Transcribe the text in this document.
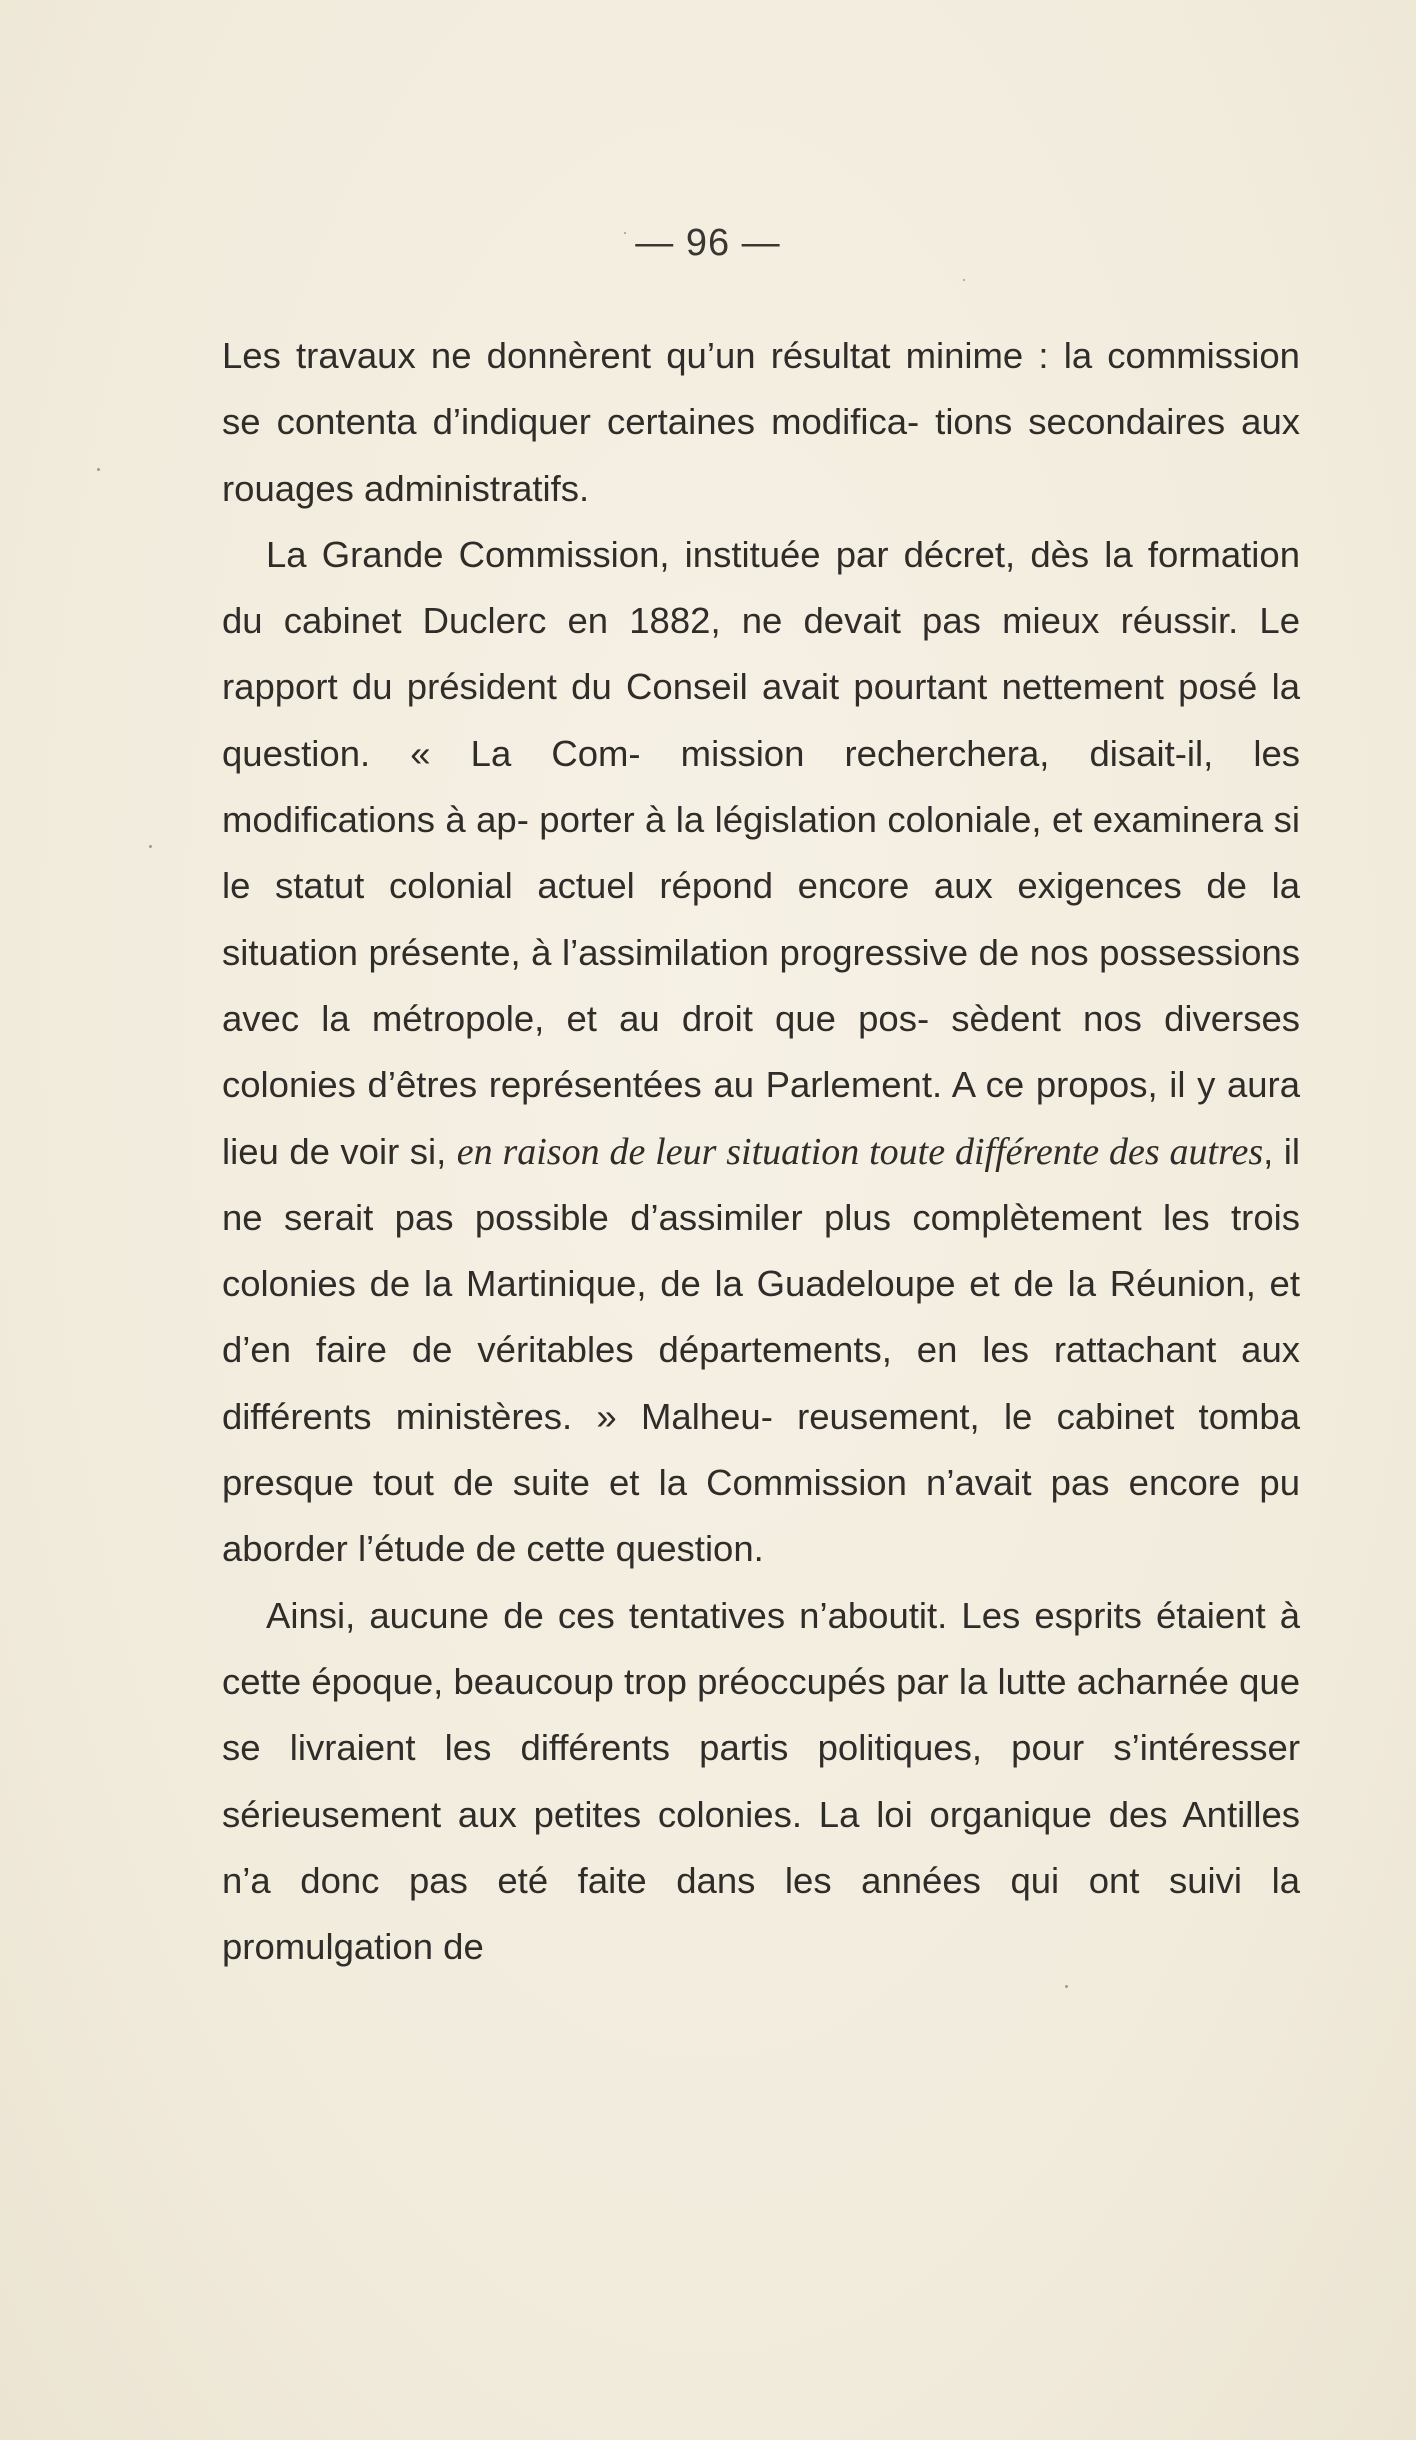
— 96 —

Les travaux ne donnèrent qu’un résultat minime : la commission se contenta d’indiquer certaines modifica- tions secondaires aux rouages administratifs.

La Grande Commission, instituée par décret, dès la formation du cabinet Duclerc en 1882, ne devait pas mieux réussir. Le rapport du président du Conseil avait pourtant nettement posé la question. « La Com- mission recherchera, disait-il, les modifications à ap- porter à la législation coloniale, et examinera si le statut colonial actuel répond encore aux exigences de la situation présente, à l’assimilation progressive de nos possessions avec la métropole, et au droit que pos- sèdent nos diverses colonies d’êtres représentées au Parlement. A ce propos, il y aura lieu de voir si, en raison de leur situation toute différente des autres, il ne serait pas possible d’assimiler plus complètement les trois colonies de la Martinique, de la Guadeloupe et de la Réunion, et d’en faire de véritables départements, en les rattachant aux différents ministères. » Malheu- reusement, le cabinet tomba presque tout de suite et la Commission n’avait pas encore pu aborder l’étude de cette question.

Ainsi, aucune de ces tentatives n’aboutit. Les esprits étaient à cette époque, beaucoup trop préoccupés par la lutte acharnée que se livraient les différents partis politiques, pour s’intéresser sérieusement aux petites colonies. La loi organique des Antilles n’a donc pas eté faite dans les années qui ont suivi la promulgation de
